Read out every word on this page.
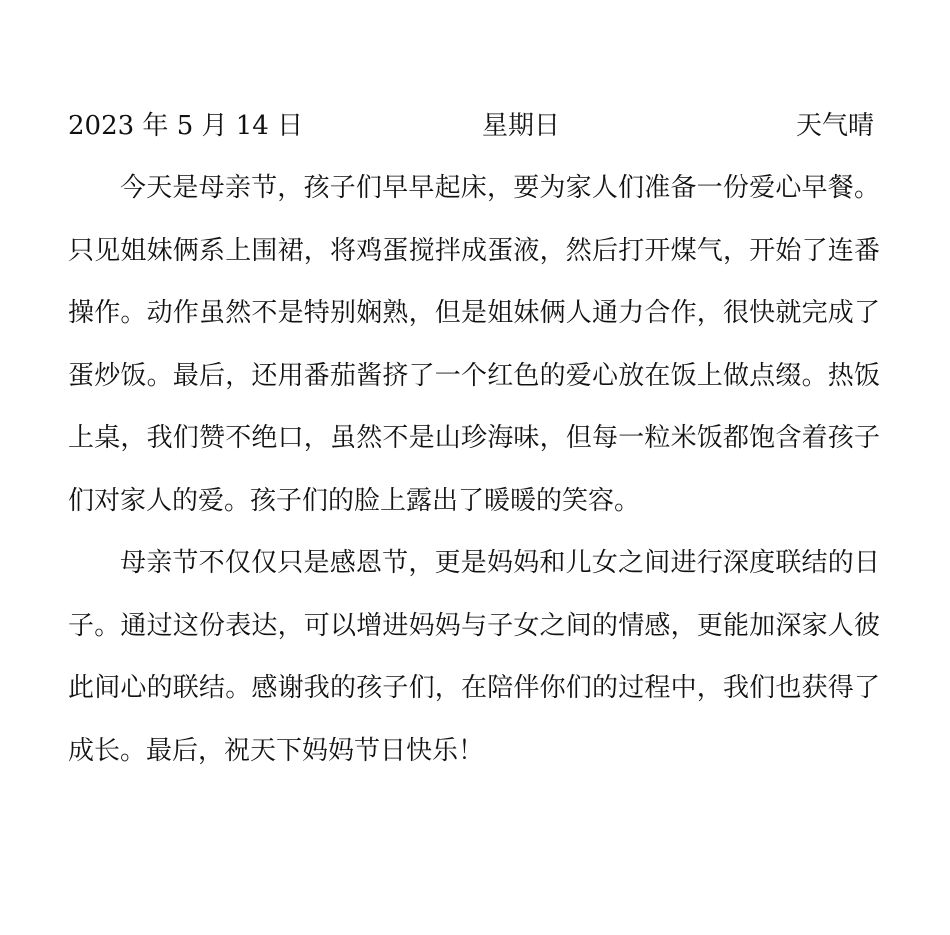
2023 年 5 月 14 日	星期日	天气晴

今天是母亲节，孩子们早早起床，要为家人们准备一份爱心早餐。只见姐妹俩系上围裙，将鸡蛋搅拌成蛋液，然后打开煤气，开始了连番操作。动作虽然不是特别娴熟，但是姐妹俩人通力合作，很快就完成了蛋炒饭。最后，还用番茄酱挤了一个红色的爱心放在饭上做点缀。热饭上桌，我们赞不绝口，虽然不是山珍海味，但每一粒米饭都饱含着孩子们对家人的爱。孩子们的脸上露出了暖暖的笑容。

母亲节不仅仅只是感恩节，更是妈妈和儿女之间进行深度联结的日子。通过这份表达，可以增进妈妈与子女之间的情感，更能加深家人彼此间心的联结。感谢我的孩子们，在陪伴你们的过程中，我们也获得了成长。最后，祝天下妈妈节日快乐！
